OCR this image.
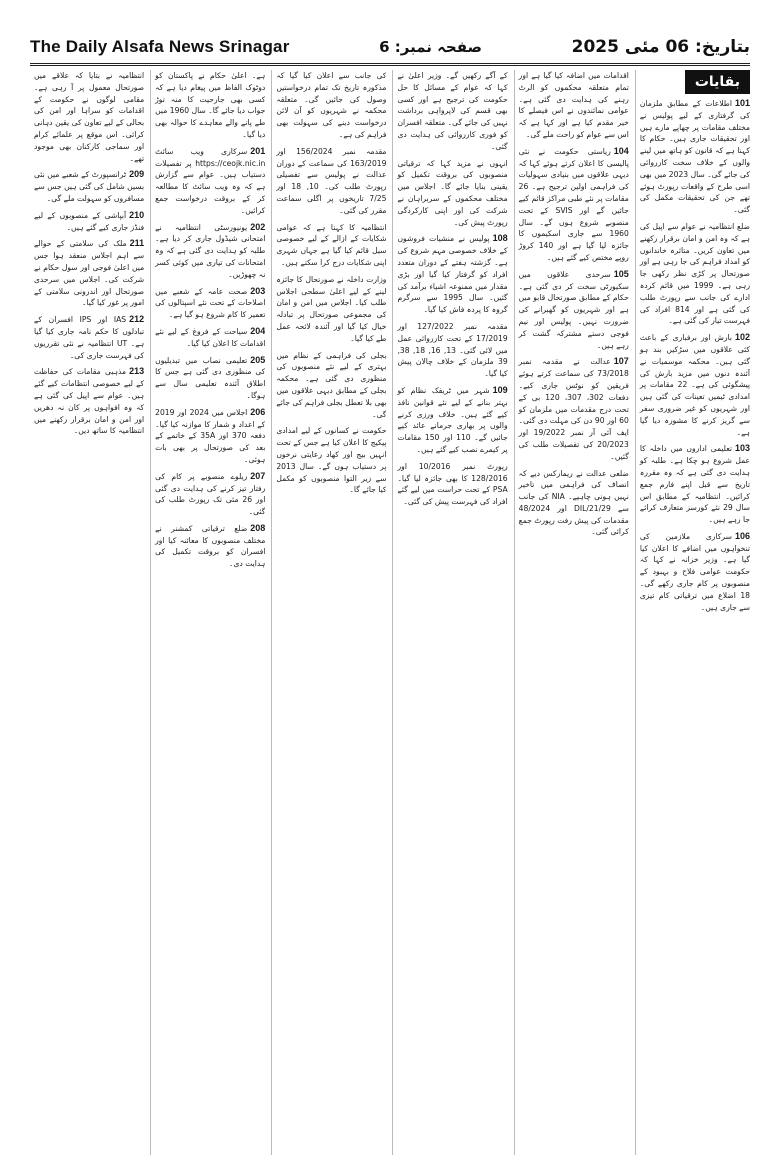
The Daily Alsafa News Srinagar	صفحہ نمبر: 6	بتاریخ: 06 مئی 2025
بقایات

101اطلاعات کے مطابق ملزمان کی گرفتاری کے لیے پولیس نے مختلف مقامات پر چھاپے مارے ہیں اور تحقیقات جاری ہیں۔ حکام کا کہنا ہے کہ قانون کو ہاتھ میں لینے والوں کے خلاف سخت کارروائی کی جائے گی۔ سال 2023 میں بھی اسی طرح کے واقعات رپورٹ ہوئے تھے جن کی تحقیقات مکمل کی گئی۔

ضلع انتظامیہ نے عوام سے اپیل کی ہے کہ وہ امن و امان برقرار رکھنے میں تعاون کریں۔ متاثرہ خاندانوں کو امداد فراہم کی جا رہی ہے اور صورتحال پر کڑی نظر رکھی جا رہی ہے۔ 1999 میں قائم کردہ ادارے کی جانب سے رپورٹ طلب کی گئی ہے اور 814 افراد کی فہرست تیار کی گئی ہے۔

102بارش اور برفباری کے باعث کئی علاقوں میں سڑکیں بند ہو گئی ہیں۔ محکمہ موسمیات نے آئندہ دنوں میں مزید بارش کی پیشگوئی کی ہے۔ 22 مقامات پر امدادی ٹیمیں تعینات کی گئی ہیں اور شہریوں کو غیر ضروری سفر سے گریز کرنے کا مشورہ دیا گیا ہے۔

103تعلیمی اداروں میں داخلہ کا عمل شروع ہو چکا ہے۔ طلبہ کو ہدایت دی گئی ہے کہ وہ مقررہ تاریخ سے قبل اپنے فارم جمع کرائیں۔ انتظامیہ کے مطابق اس سال 29 نئے کورسز متعارف کرائے جا رہے ہیں۔

106سرکاری ملازمین کی تنخواہوں میں اضافے کا اعلان کیا گیا ہے۔ وزیر خزانہ نے کہا کہ حکومت عوامی فلاح و بہبود کے منصوبوں پر کام جاری رکھے گی۔ 18 اضلاع میں ترقیاتی کام تیزی سے جاری ہیں۔

اقدامات میں اضافہ کیا گیا ہے اور تمام متعلقہ محکموں کو الرٹ رہنے کی ہدایت دی گئی ہے۔ عوامی نمائندوں نے اس فیصلے کا خیر مقدم کیا ہے اور کہا ہے کہ اس سے عوام کو راحت ملے گی۔

104ریاستی حکومت نے نئی پالیسی کا اعلان کرتے ہوئے کہا کہ دیہی علاقوں میں بنیادی سہولیات کی فراہمی اولین ترجیح ہے۔ 26 مقامات پر نئے طبی مراکز قائم کیے جائیں گے اور SVIS کے تحت منصوبے شروع ہوں گے۔ سال 1960 سے جاری اسکیموں کا جائزہ لیا گیا ہے اور 140 کروڑ روپے مختص کیے گئے ہیں۔

105سرحدی علاقوں میں سکیورٹی سخت کر دی گئی ہے۔ حکام کے مطابق صورتحال قابو میں ہے اور شہریوں کو گھبرانے کی ضرورت نہیں۔ پولیس اور نیم فوجی دستے مشترکہ گشت کر رہے ہیں۔

107عدالت نے مقدمہ نمبر 73/2018 کی سماعت کرتے ہوئے فریقین کو نوٹس جاری کیے۔ دفعات 302، 307، 120 بی کے تحت درج مقدمات میں ملزمان کو 60 اور 90 دن کی مہلت دی گئی۔ ایف آئی آر نمبر 19/2022 اور 20/2023 کی تفصیلات طلب کی گئیں۔

ضلعی عدالت نے ریمارکس دیے کہ انصاف کی فراہمی میں تاخیر نہیں ہونی چاہیے۔ NIA کی جانب سے 29/DIL/21 اور 48/2024 مقدمات کی پیش رفت رپورٹ جمع کرائی گئی۔

کے آگے رکھیں گے۔ وزیر اعلیٰ نے کہا کہ عوام کے مسائل کا حل حکومت کی ترجیح ہے اور کسی بھی قسم کی لاپرواہی برداشت نہیں کی جائے گی۔ متعلقہ افسران کو فوری کارروائی کی ہدایت دی گئی۔

انہوں نے مزید کہا کہ ترقیاتی منصوبوں کی بروقت تکمیل کو یقینی بنایا جائے گا۔ اجلاس میں مختلف محکموں کے سربراہان نے شرکت کی اور اپنی کارکردگی رپورٹ پیش کی۔

108پولیس نے منشیات فروشوں کے خلاف خصوصی مہم شروع کی ہے۔ گزشتہ ہفتے کے دوران متعدد افراد کو گرفتار کیا گیا اور بڑی مقدار میں ممنوعہ اشیاء برآمد کی گئیں۔ سال 1995 سے سرگرم گروہ کا پردہ فاش کیا گیا۔

مقدمہ نمبر 127/2022 اور 17/2019 کے تحت کارروائی عمل میں لائی گئی۔ 13, 16, 18, 38, 39 ملزمان کے خلاف چالان پیش کیا گیا۔

109شہر میں ٹریفک نظام کو بہتر بنانے کے لیے نئے قوانین نافذ کیے گئے ہیں۔ خلاف ورزی کرنے والوں پر بھاری جرمانے عائد کیے جائیں گے۔ 110 اور 150 مقامات پر کیمرے نصب کیے گئے ہیں۔

رپورٹ نمبر 10/2016 اور 128/2016 کا بھی جائزہ لیا گیا۔ PSA کے تحت حراست میں لیے گئے افراد کی فہرست پیش کی گئی۔

کی جانب سے اعلان کیا گیا کہ مذکورہ تاریخ تک تمام درخواستیں وصول کی جائیں گی۔ متعلقہ محکمہ نے شہریوں کو آن لائن درخواست دینے کی سہولت بھی فراہم کی ہے۔

مقدمہ نمبر 156/2024 اور 163/2019 کی سماعت کے دوران عدالت نے پولیس سے تفصیلی رپورٹ طلب کی۔ 10, 18 اور 7/25 تاریخوں پر اگلی سماعت مقرر کی گئی۔

انتظامیہ کا کہنا ہے کہ عوامی شکایات کے ازالے کے لیے خصوصی سیل قائم کیا گیا ہے جہاں شہری اپنی شکایات درج کرا سکتے ہیں۔

وزارت داخلہ نے صورتحال کا جائزہ لینے کے لیے اعلیٰ سطحی اجلاس طلب کیا۔ اجلاس میں امن و امان کی مجموعی صورتحال پر تبادلہ خیال کیا گیا اور آئندہ لائحہ عمل طے کیا گیا۔

بجلی کی فراہمی کے نظام میں بہتری کے لیے نئے منصوبوں کی منظوری دی گئی ہے۔ محکمہ بجلی کے مطابق دیہی علاقوں میں بھی بلا تعطل بجلی فراہم کی جائے گی۔

حکومت نے کسانوں کے لیے امدادی پیکیج کا اعلان کیا ہے جس کے تحت انہیں بیج اور کھاد رعایتی نرخوں پر دستیاب ہوں گے۔ سال 2013 سے زیر التوا منصوبوں کو مکمل کیا جائے گا۔

ہے۔ اعلیٰ حکام نے پاکستان کو دوٹوک الفاظ میں پیغام دیا ہے کہ کسی بھی جارحیت کا منہ توڑ جواب دیا جائے گا۔ سال 1960 میں طے پانے والے معاہدے کا حوالہ بھی دیا گیا۔

201سرکاری ویب سائٹ https://ceojk.nic.in پر تفصیلات دستیاب ہیں۔ عوام سے گزارش ہے کہ وہ ویب سائٹ کا مطالعہ کر کے بروقت درخواست جمع کرائیں۔

202یونیورسٹی انتظامیہ نے امتحانی شیڈول جاری کر دیا ہے۔ طلبہ کو ہدایت دی گئی ہے کہ وہ امتحانات کی تیاری میں کوئی کسر نہ چھوڑیں۔

203صحت عامہ کے شعبے میں اصلاحات کے تحت نئے اسپتالوں کی تعمیر کا کام شروع ہو گیا ہے۔

204سیاحت کے فروغ کے لیے نئے اقدامات کا اعلان کیا گیا۔

205تعلیمی نصاب میں تبدیلیوں کی منظوری دی گئی ہے جس کا اطلاق آئندہ تعلیمی سال سے ہوگا۔

206اجلاس میں 2024 اور 2019 کے اعداد و شمار کا موازنہ کیا گیا۔ دفعہ 370 اور 35A کے خاتمے کے بعد کی صورتحال پر بھی بات ہوئی۔

207ریلوے منصوبے پر کام کی رفتار تیز کرنے کی ہدایت دی گئی اور 26 مئی تک رپورٹ طلب کی گئی۔

208ضلع ترقیاتی کمشنر نے مختلف منصوبوں کا معائنہ کیا اور افسران کو بروقت تکمیل کی ہدایت دی۔

انتظامیہ نے بتایا کہ علاقے میں صورتحال معمول پر آ رہی ہے۔ مقامی لوگوں نے حکومت کے اقدامات کو سراہا اور امن کی بحالی کے لیے تعاون کی یقین دہانی کرائی۔ اس موقع پر علمائے کرام اور سماجی کارکنان بھی موجود تھے۔

209ٹرانسپورٹ کے شعبے میں نئی بسیں شامل کی گئی ہیں جس سے مسافروں کو سہولت ملے گی۔

210آبپاشی کے منصوبوں کے لیے فنڈز جاری کیے گئے ہیں۔

211ملک کی سلامتی کے حوالے سے اہم اجلاس منعقد ہوا جس میں اعلیٰ فوجی اور سول حکام نے شرکت کی۔ اجلاس میں سرحدی صورتحال اور اندرونی سلامتی کے امور پر غور کیا گیا۔

212IAS اور IPS افسران کے تبادلوں کا حکم نامہ جاری کیا گیا ہے۔ UT انتظامیہ نے نئی تقرریوں کی فہرست جاری کی۔

213مذہبی مقامات کی حفاظت کے لیے خصوصی انتظامات کیے گئے ہیں۔ عوام سے اپیل کی گئی ہے کہ وہ افواہوں پر کان نہ دھریں اور امن و امان برقرار رکھنے میں انتظامیہ کا ساتھ دیں۔
